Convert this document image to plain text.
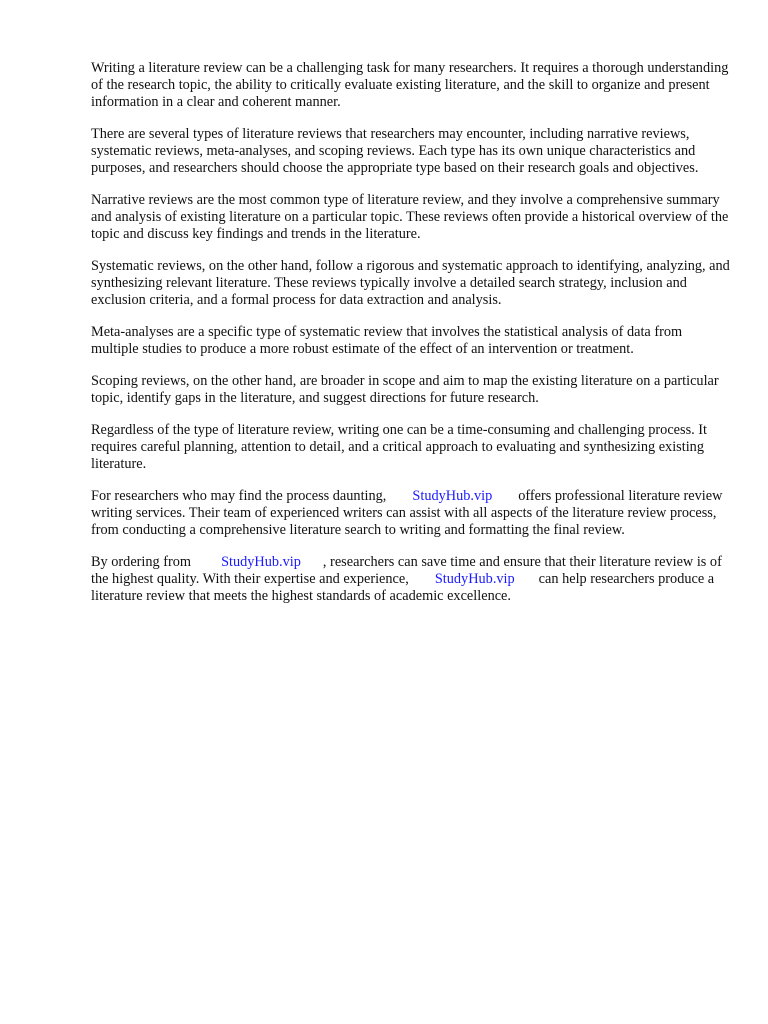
Writing a literature review can be a challenging task for many researchers. It requires a thorough understanding of the research topic, the ability to critically evaluate existing literature, and the skill to organize and present information in a clear and coherent manner.

There are several types of literature reviews that researchers may encounter, including narrative reviews, systematic reviews, meta-analyses, and scoping reviews. Each type has its own unique characteristics and purposes, and researchers should choose the appropriate type based on their research goals and objectives.

Narrative reviews are the most common type of literature review, and they involve a comprehensive summary and analysis of existing literature on a particular topic. These reviews often provide a historical overview of the topic and discuss key findings and trends in the literature.

Systematic reviews, on the other hand, follow a rigorous and systematic approach to identifying, analyzing, and synthesizing relevant literature. These reviews typically involve a detailed search strategy, inclusion and exclusion criteria, and a formal process for data extraction and analysis.

Meta-analyses are a specific type of systematic review that involves the statistical analysis of data from multiple studies to produce a more robust estimate of the effect of an intervention or treatment.

Scoping reviews, on the other hand, are broader in scope and aim to map the existing literature on a particular topic, identify gaps in the literature, and suggest directions for future research.

Regardless of the type of literature review, writing one can be a time-consuming and challenging process. It requires careful planning, attention to detail, and a critical approach to evaluating and synthesizing existing literature.

For researchers who may find the process daunting, StudyHub.vip offers professional literature review writing services. Their team of experienced writers can assist with all aspects of the literature review process, from conducting a comprehensive literature search to writing and formatting the final review.

By ordering from StudyHub.vip , researchers can save time and ensure that their literature review is of the highest quality. With their expertise and experience, StudyHub.vip can help researchers produce a literature review that meets the highest standards of academic excellence.
